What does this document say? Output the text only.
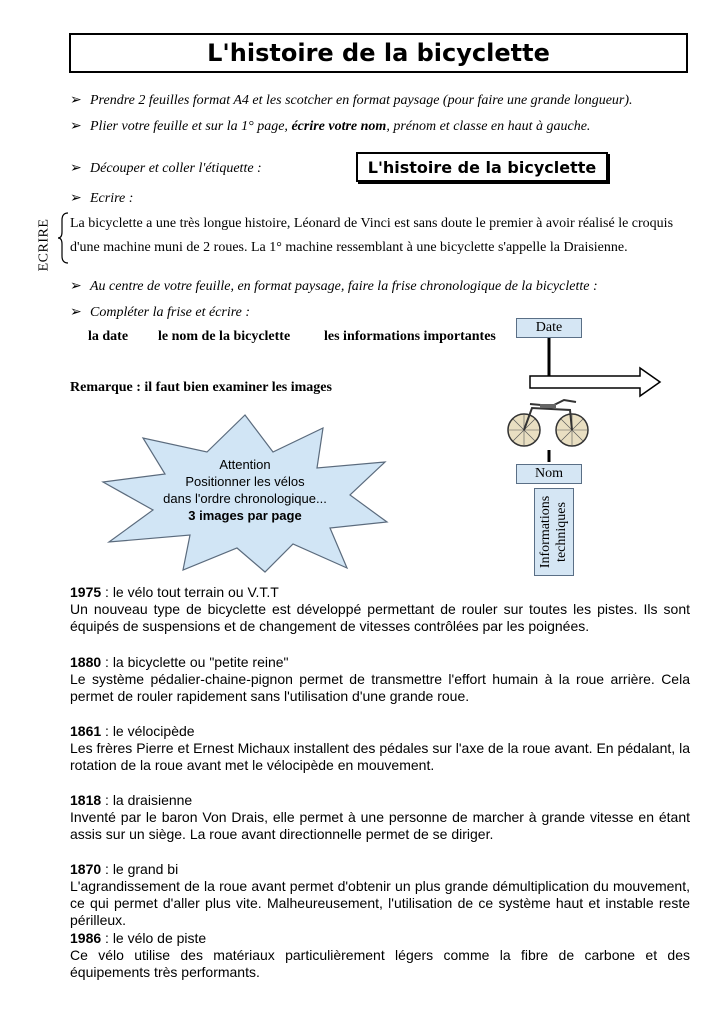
L'histoire de la bicyclette
➢ Prendre 2 feuilles format A4 et les scotcher en format paysage (pour faire une grande longueur).
➢ Plier votre feuille et sur la 1° page, écrire votre nom, prénom et classe en haut à gauche.
➢ Découper et coller l'étiquette :	L'histoire de la bicyclette
➢ Ecrire :
ECRIRE La bicyclette a une très longue histoire, Léonard de Vinci est sans doute le premier à avoir réalisé le croquis
d'une machine muni de 2 roues. La 1° machine ressemblant à une bicyclette s'appelle la Draisienne.
➢ Au centre de votre feuille, en format paysage, faire la frise chronologique de la bicyclette :
➢ Compléter la frise et écrire :
la date le nom de la bicyclette les informations importantes
Remarque : il faut bien examiner les images
Attention
Positionner les vélos
dans l'ordre chronologique...
3 images par page
Date
Nom
Informations techniques
1975 : le vélo tout terrain ou V.T.T
Un nouveau type de bicyclette est développé permettant de rouler sur toutes les pistes. Ils sont équipés de suspensions et de changement de vitesses contrôlées par les poignées.
1880 : la bicyclette ou "petite reine"
Le système pédalier-chaine-pignon permet de transmettre l'effort humain à la roue arrière. Cela permet de rouler rapidement sans l'utilisation d'une grande roue.
1861 : le vélocipède
Les frères Pierre et Ernest Michaux installent des pédales sur l'axe de la roue avant. En pédalant, la rotation de la roue avant met le vélocipède en mouvement.
1818 : la draisienne
Inventé par le baron Von Drais, elle permet à une personne de marcher à grande vitesse en étant assis sur un siège. La roue avant directionnelle permet de se diriger.
1870 : le grand bi
L'agrandissement de la roue avant permet d'obtenir un plus grande démultiplication du mouvement, ce qui permet d'aller plus vite. Malheureusement, l'utilisation de ce système haut et instable reste périlleux.
1986 : le vélo de piste
Ce vélo utilise des matériaux particulièrement légers comme la fibre de carbone et des équipements très performants.
